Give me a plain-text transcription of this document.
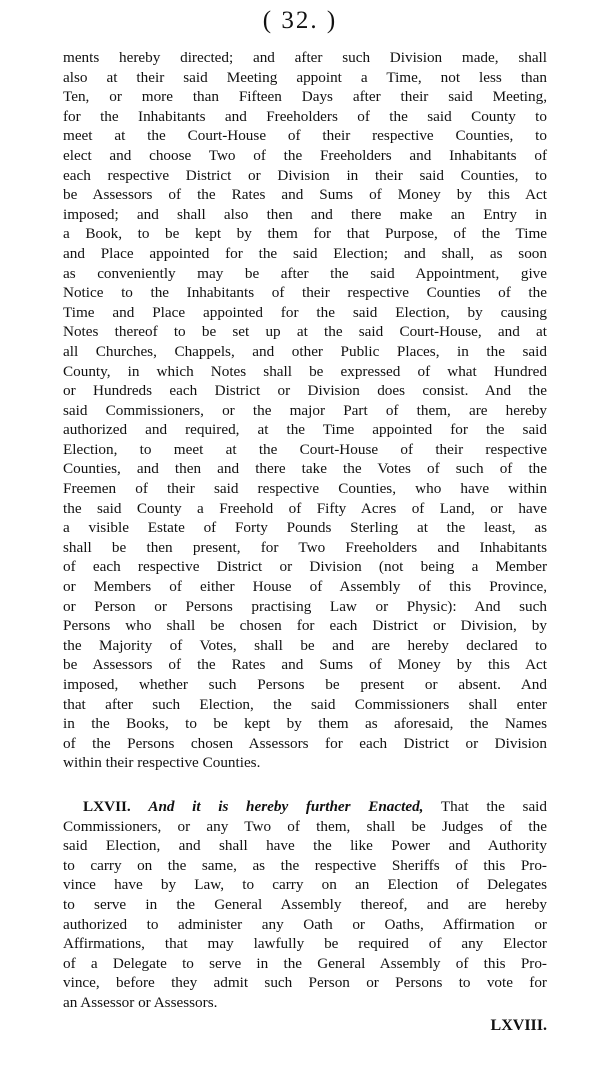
( 32. )
ments hereby directed; and after such Division made, shall
also at their said Meeting appoint a Time, not less than
Ten, or more than Fifteen Days after their said Meeting,
for the Inhabitants and Freeholders of the said County to
meet at the Court-House of their respective Counties, to
elect and choose Two of the Freeholders and Inhabitants of
each respective District or Division in their said Counties, to
be Assessors of the Rates and Sums of Money by this Act
imposed; and shall also then and there make an Entry in
a Book, to be kept by them for that Purpose, of the Time
and Place appointed for the said Election; and shall, as soon
as conveniently may be after the said Appointment, give
Notice to the Inhabitants of their respective Counties of the
Time and Place appointed for the said Election, by causing
Notes thereof to be set up at the said Court-House, and at
all Churches, Chappels, and other Public Places, in the said
County, in which Notes shall be expressed of what Hundred
or Hundreds each District or Division does consist. And the
said Commissioners, or the major Part of them, are hereby
authorized and required, at the Time appointed for the said
Election, to meet at the Court-House of their respective
Counties, and then and there take the Votes of such of the
Freemen of their said respective Counties, who have within
the said County a Freehold of Fifty Acres of Land, or have
a visible Estate of Forty Pounds Sterling at the least, as
shall be then present, for Two Freeholders and Inhabitants
of each respective District or Division (not being a Member
or Members of either House of Assembly of this Province,
or Person or Persons practising Law or Physic): And such
Persons who shall be chosen for each District or Division, by
the Majority of Votes, shall be and are hereby declared to
be Assessors of the Rates and Sums of Money by this Act
imposed, whether such Persons be present or absent. And
that after such Election, the said Commissioners shall enter
in the Books, to be kept by them as aforesaid, the Names
of the Persons chosen Assessors for each District or Division
within their respective Counties.
LXVII. And it is hereby further Enacted, That the said
Commissioners, or any Two of them, shall be Judges of the
said Election, and shall have the like Power and Authority
to carry on the same, as the respective Sheriffs of this Pro-
vince have by Law, to carry on an Election of Delegates
to serve in the General Assembly thereof, and are hereby
authorized to administer any Oath or Oaths, Affirmation or
Affirmations, that may lawfully be required of any Elector
of a Delegate to serve in the General Assembly of this Pro-
vince, before they admit such Person or Persons to vote for
an Assessor or Assessors.
LXVIII.
